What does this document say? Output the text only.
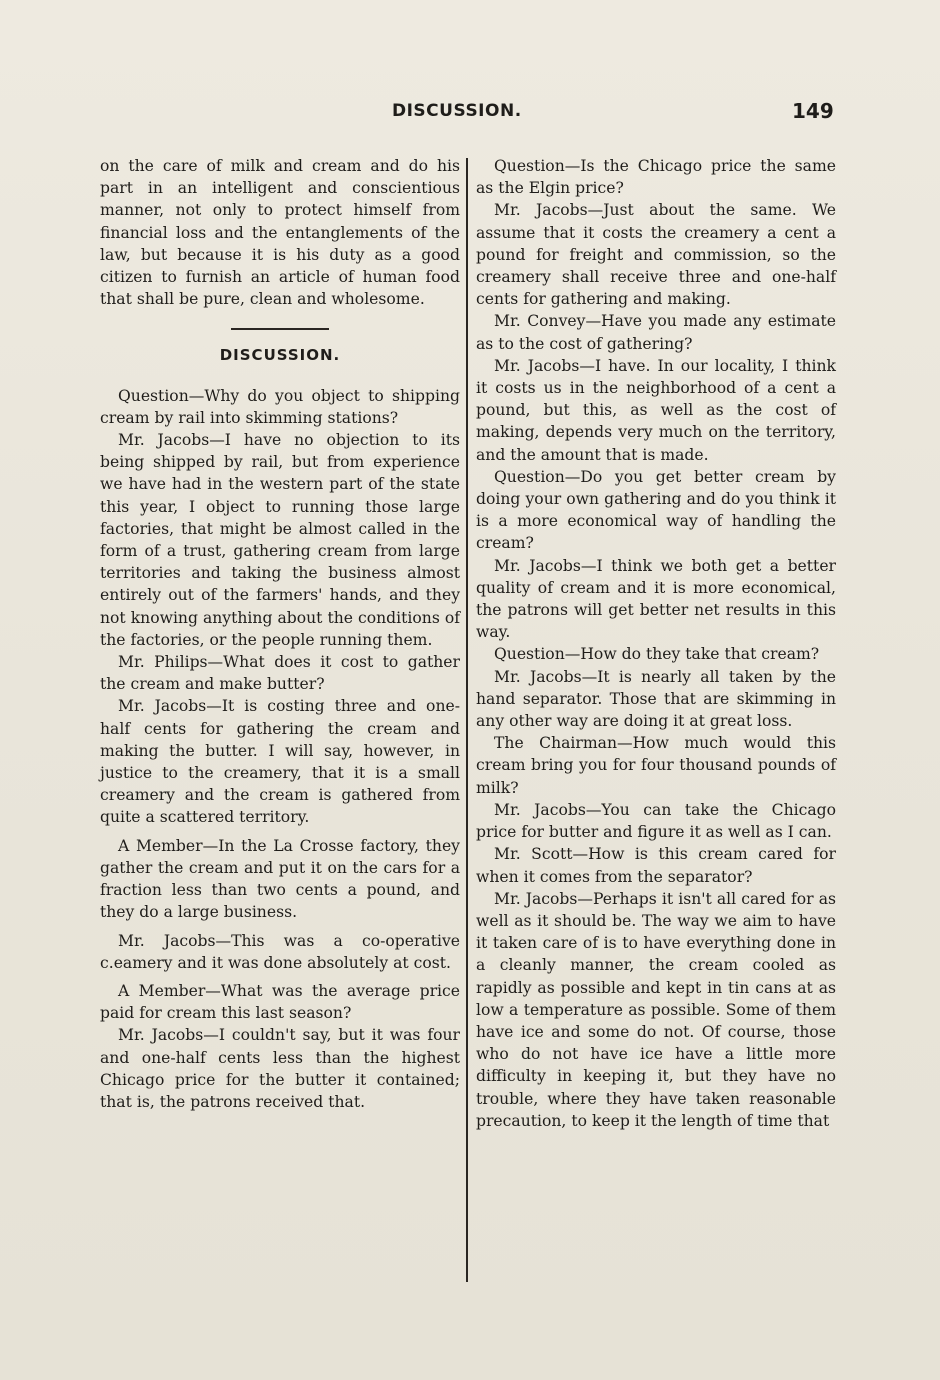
DISCUSSION.	149

on the care of milk and cream and do his part in an intelligent and conscientious manner, not only to protect himself from financial loss and the entanglements of the law, but because it is his duty as a good citizen to furnish an article of human food that shall be pure, clean and wholesome.

DISCUSSION.

Question—Why do you object to shipping cream by rail into skimming stations?

Mr. Jacobs—I have no objection to its being shipped by rail, but from experience we have had in the western part of the state this year, I object to running those large factories, that might be almost called in the form of a trust, gathering cream from large territories and taking the business almost entirely out of the farmers' hands, and they not knowing anything about the conditions of the factories, or the people running them.

Mr. Philips—What does it cost to gather the cream and make butter?

Mr. Jacobs—It is costing three and one-half cents for gathering the cream and making the butter. I will say, however, in justice to the creamery, that it is a small creamery and the cream is gathered from quite a scattered territory.

A Member—In the La Crosse factory, they gather the cream and put it on the cars for a fraction less than two cents a pound, and they do a large business.

Mr. Jacobs—This was a co-operative c.eamery and it was done absolutely at cost.

A Member—What was the average price paid for cream this last season?

Mr. Jacobs—I couldn't say, but it was four and one-half cents less than the highest Chicago price for the butter it contained; that is, the patrons received that.

Question—Is the Chicago price the same as the Elgin price?

Mr. Jacobs—Just about the same. We assume that it costs the creamery a cent a pound for freight and commission, so the creamery shall receive three and one-half cents for gathering and making.

Mr. Convey—Have you made any estimate as to the cost of gathering?

Mr. Jacobs—I have. In our locality, I think it costs us in the neighborhood of a cent a pound, but this, as well as the cost of making, depends very much on the territory, and the amount that is made.

Question—Do you get better cream by doing your own gathering and do you think it is a more economical way of handling the cream?

Mr. Jacobs—I think we both get a better quality of cream and it is more economical, the patrons will get better net results in this way.

Question—How do they take that cream?

Mr. Jacobs—It is nearly all taken by the hand separator. Those that are skimming in any other way are doing it at great loss.

The Chairman—How much would this cream bring you for four thousand pounds of milk?

Mr. Jacobs—You can take the Chicago price for butter and figure it as well as I can.

Mr. Scott—How is this cream cared for when it comes from the separator?

Mr. Jacobs—Perhaps it isn't all cared for as well as it should be. The way we aim to have it taken care of is to have everything done in a cleanly manner, the cream cooled as rapidly as possible and kept in tin cans at as low a temperature as possible. Some of them have ice and some do not. Of course, those who do not have ice have a little more difficulty in keeping it, but they have no trouble, where they have taken reasonable precaution, to keep it the length of time that
